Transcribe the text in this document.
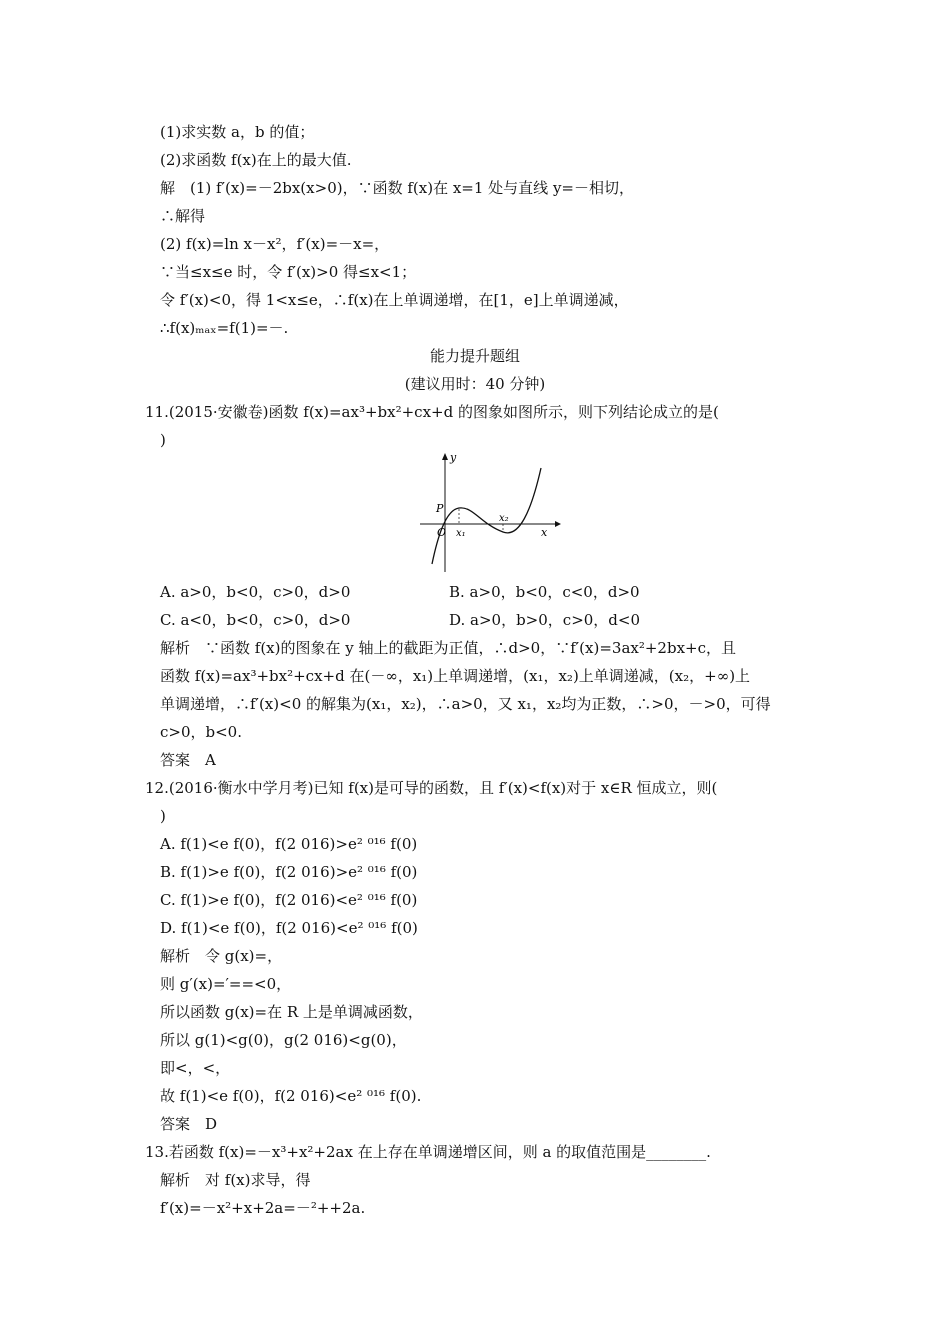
(1)求实数 a，b 的值；
(2)求函数 f(x)在上的最大值.
解　(1) f′(x)=－2bx(x>0)，∵函数 f(x)在 x=1 处与直线 y=－相切，
∴解得
(2) f(x)=ln x－x²，f′(x)=－x=，
∵当≤x≤e 时，令 f′(x)>0 得≤x<1；
令 f′(x)<0，得 1<x≤e，∴f(x)在上单调递增，在[1，e]上单调递减，
∴f(x)ₘₐₓ=f(1)=－.
能力提升题组
(建议用时：40 分钟)
11.(2015·安徽卷)函数 f(x)=ax³+bx²+cx+d 的图象如图所示，则下列结论成立的是(
)
y
x
P
O x₁
x₂
A. a>0，b<0，c>0，d>0	B. a>0，b<0，c<0，d>0
C. a<0，b<0，c>0，d>0	D. a>0，b>0，c>0，d<0
解析　∵函数 f(x)的图象在 y 轴上的截距为正值，∴d>0，∵f′(x)=3ax²+2bx+c，且
函数 f(x)=ax³+bx²+cx+d 在(－∞，x₁)上单调递增，(x₁，x₂)上单调递减，(x₂，+∞)上
单调递增，∴f′(x)<0 的解集为(x₁，x₂)，∴a>0，又 x₁，x₂均为正数，∴>0，－>0，可得
c>0，b<0.
答案　A
12.(2016·衡水中学月考)已知 f(x)是可导的函数，且 f′(x)<f(x)对于 x∈R 恒成立，则(
)
A. f(1)<e f(0)，f(2 016)>e² ⁰¹⁶ f(0)
B. f(1)>e f(0)，f(2 016)>e² ⁰¹⁶ f(0)
C. f(1)>e f(0)，f(2 016)<e² ⁰¹⁶ f(0)
D. f(1)<e f(0)，f(2 016)<e² ⁰¹⁶ f(0)
解析　令 g(x)=，
则 g′(x)=′==<0，
所以函数 g(x)=在 R 上是单调减函数，
所以 g(1)<g(0)，g(2 016)<g(0)，
即<，<，
故 f(1)<e f(0)，f(2 016)<e² ⁰¹⁶ f(0).
答案　D
13.若函数 f(x)=－x³+x²+2ax 在上存在单调递增区间，则 a 的取值范围是________.
解析　对 f(x)求导，得
f′(x)=－x²+x+2a=－²++2a.
